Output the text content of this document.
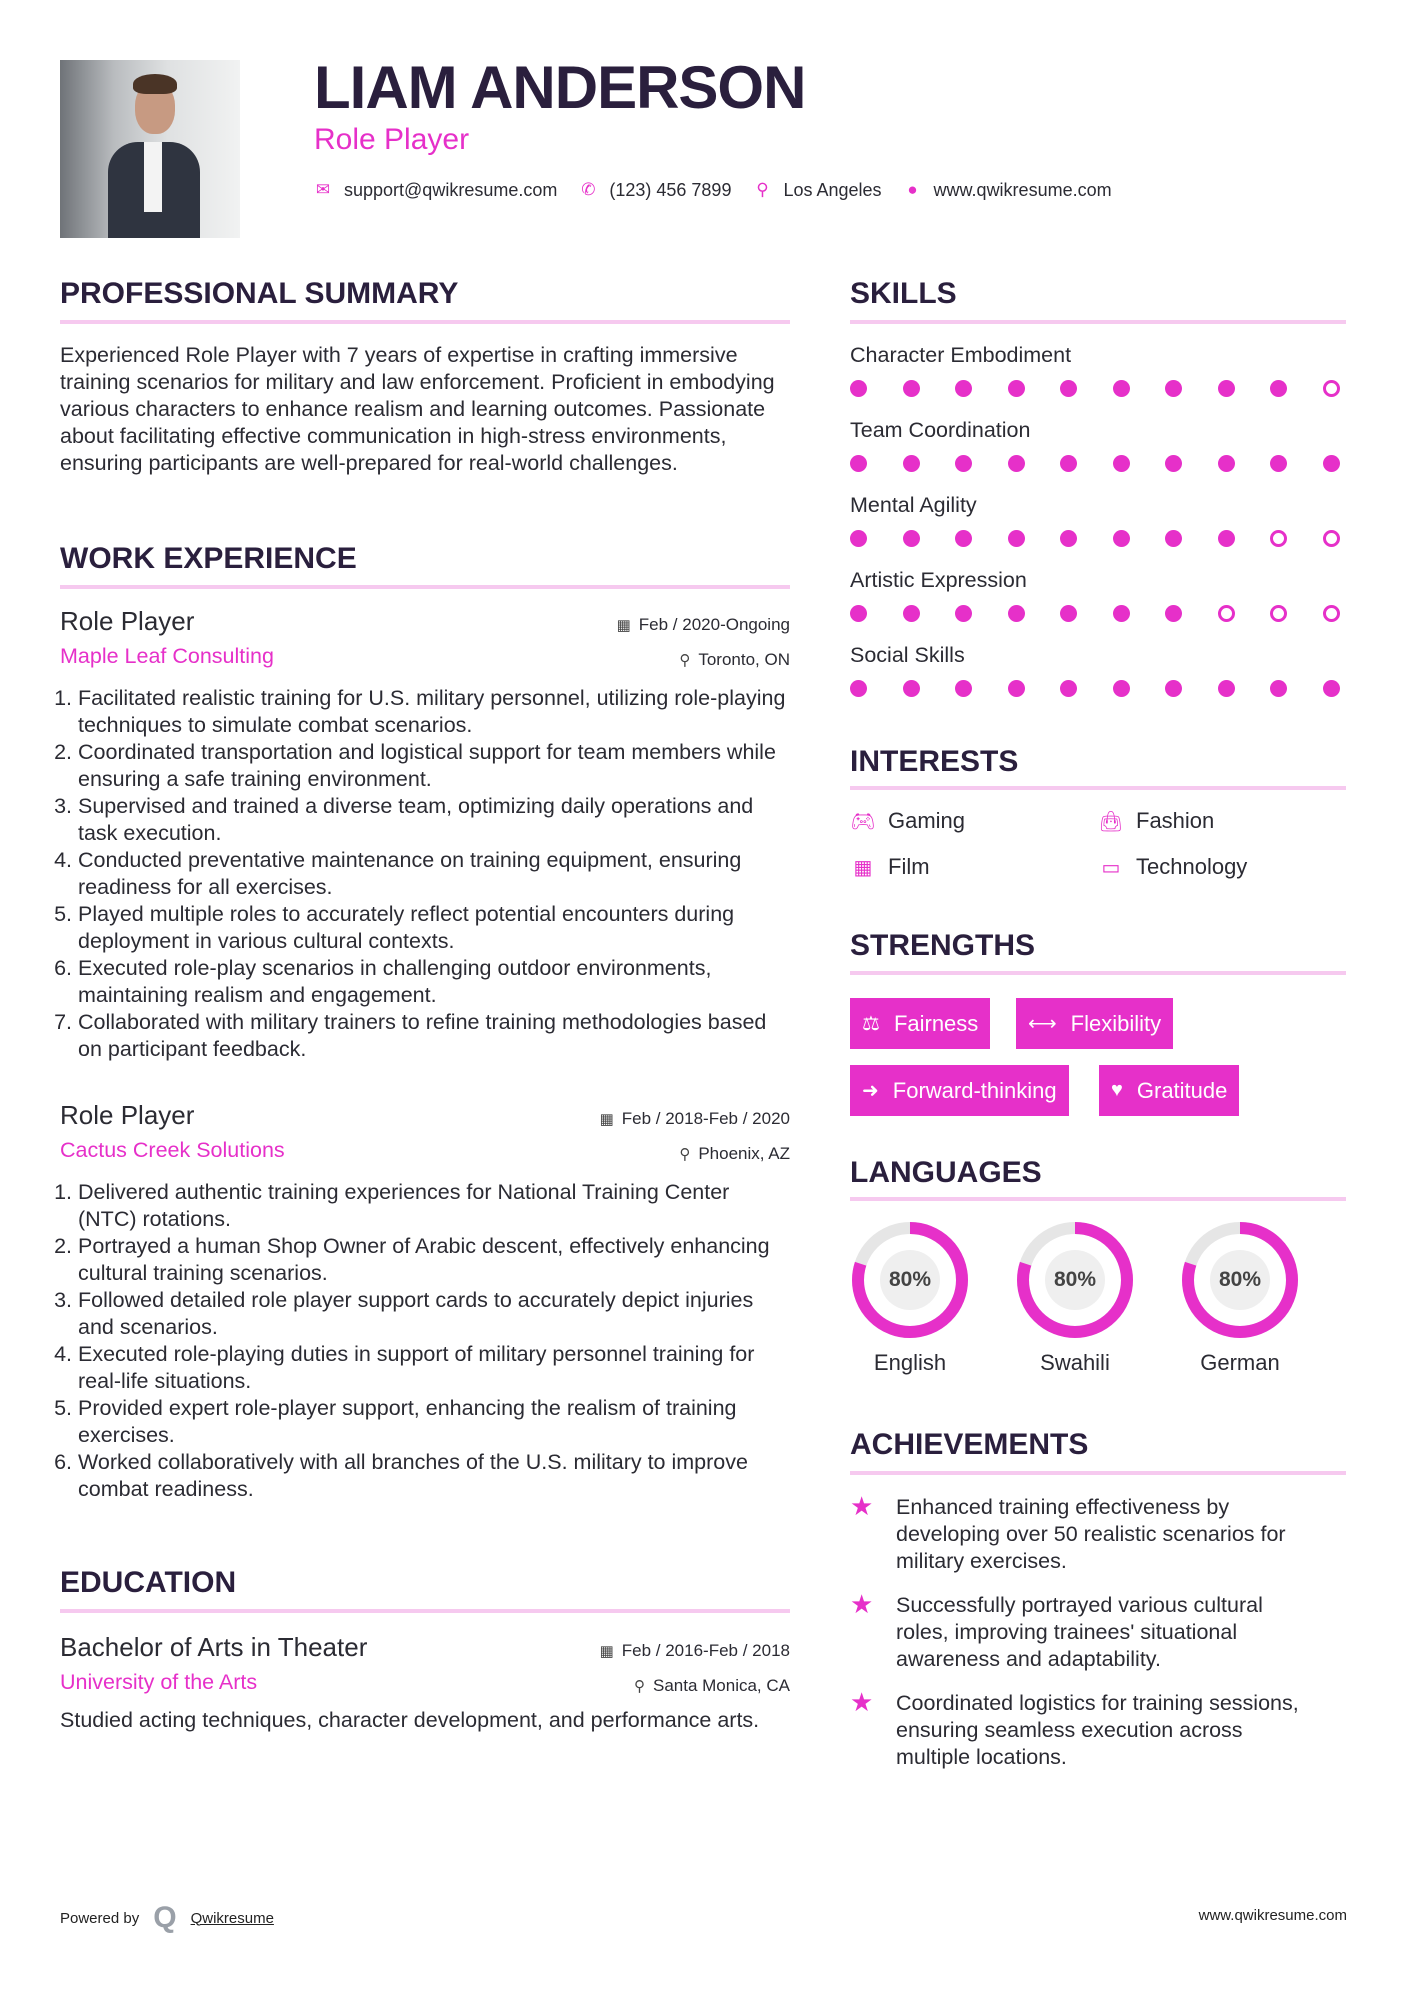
LIAM ANDERSON
Role Player
✉ support@qwikresume.com ✆ (123) 456 7899 ⚲ Los Angeles ● www.qwikresume.com
PROFESSIONAL SUMMARY
Experienced Role Player with 7 years of expertise in crafting immersive training scenarios for military and law enforcement. Proficient in embodying various characters to enhance realism and learning outcomes. Passionate about facilitating effective communication in high-stress environments, ensuring participants are well-prepared for real-world challenges.
WORK EXPERIENCE
Role Player	▦ Feb / 2020-Ongoing
Maple Leaf Consulting	⚲ Toronto, ON
1. Facilitated realistic training for U.S. military personnel, utilizing role-playing techniques to simulate combat scenarios.
2. Coordinated transportation and logistical support for team members while ensuring a safe training environment.
3. Supervised and trained a diverse team, optimizing daily operations and task execution.
4. Conducted preventative maintenance on training equipment, ensuring readiness for all exercises.
5. Played multiple roles to accurately reflect potential encounters during deployment in various cultural contexts.
6. Executed role-play scenarios in challenging outdoor environments, maintaining realism and engagement.
7. Collaborated with military trainers to refine training methodologies based on participant feedback.
Role Player	▦ Feb / 2018-Feb / 2020
Cactus Creek Solutions	⚲ Phoenix, AZ
1. Delivered authentic training experiences for National Training Center (NTC) rotations.
2. Portrayed a human Shop Owner of Arabic descent, effectively enhancing cultural training scenarios.
3. Followed detailed role player support cards to accurately depict injuries and scenarios.
4. Executed role-playing duties in support of military personnel training for real-life situations.
5. Provided expert role-player support, enhancing the realism of training exercises.
6. Worked collaboratively with all branches of the U.S. military to improve combat readiness.
EDUCATION
Bachelor of Arts in Theater	▦ Feb / 2016-Feb / 2018
University of the Arts	⚲ Santa Monica, CA
Studied acting techniques, character development, and performance arts.
SKILLS
Character Embodiment
Team Coordination
Mental Agility
Artistic Expression
Social Skills
INTERESTS
🎮︎ Gaming	👜︎ Fashion
▦ Film	▭ Technology
STRENGTHS
⚖ Fairness ⟷ Flexibility
➜ Forward-thinking	♥ Gratitude
LANGUAGES
80%
English
80%
Swahili
80%
German
ACHIEVEMENTS
★	Enhanced training effectiveness by developing over 50 realistic scenarios for military exercises.
★	Successfully portrayed various cultural roles, improving trainees' situational awareness and adaptability.
★	Coordinated logistics for training sessions, ensuring seamless execution across multiple locations.
Powered by Q Qwikresume	www.qwikresume.com
